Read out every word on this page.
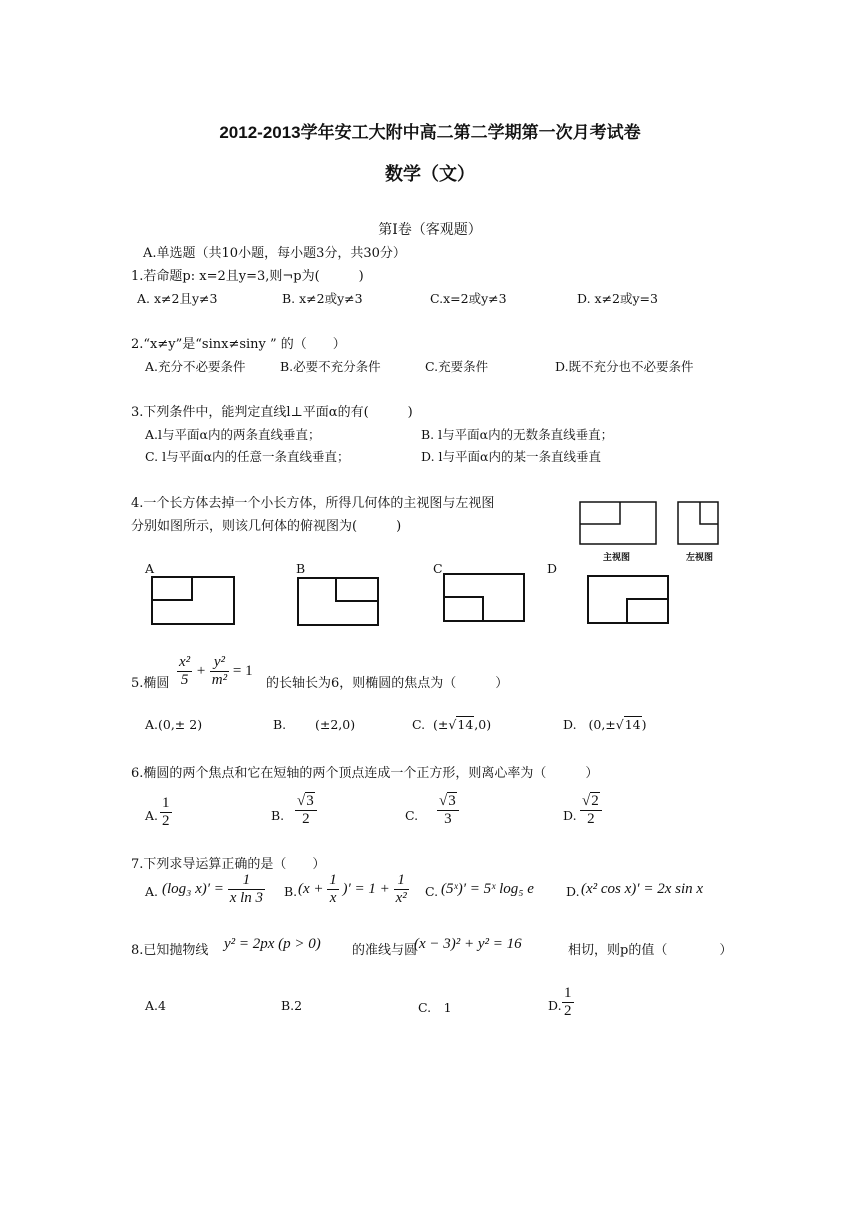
2012-2013学年安工大附中高二第二学期第一次月考试卷
数学（文）
第Ⅰ卷（客观题）
A.单选题（共10小题，每小题3分，共30分）
1.若命题p: x=2且y=3,则¬p为(　　　)
A. x≠2且y≠3	B. x≠2或y≠3	C.x=2或y≠3	D. x≠2或y=3
2.“x≠y”是“sinx≠siny ” 的（　　）
A.充分不必要条件	B.必要不充分条件	C.充要条件	D.既不充分也不必要条件
3.下列条件中，能判定直线l⊥平面α的有(　　　)
A.l与平面α内的两条直线垂直；	B. l与平面α内的无数条直线垂直；
C. l与平面α内的任意一条直线垂直；	D. l与平面α内的某一条直线垂直
4.一个长方体去掉一个小长方体，所得几何体的主视图与左视图
分别如图所示，则该几何体的俯视图为(　　　)
主视图	左视图
A	B	C	D
5.椭圆 $\frac{\text{x²}}{5} + \frac{\text{y²}}{\text{m²}} = 1$
的长轴长为6，则椭圆的焦点为（　　　）
A.(0,± 2)	B. (±2,0)	C. (±√14,0)	D. (0,±√14)
6.椭圆的两个焦点和它在短轴的两个顶点连成一个正方形，则离心率为（　　　）
A. $\frac{1}{2}$	B. $\frac{√3}{2}$	C. $\frac{√3}{3}$	D. $\frac{√2}{2}$
7.下列求导运算正确的是（　　）
A. (log₃ $x)' = \frac{1}{\text{x ln 3}} B$. ($x + \frac{1}{x}$ )′ = $1 + \frac{1}{\text{x²}} C$. (5ˣ)′ = 5ˣ log₅ e	D. (x² cos x)′ = 2x sin x
8.已知抛物线 y² = 2px (p > 0) 的准线与圆
(x − 3)² + y² = 16	相切，则p的值（　　　　）
A.4	B.2	C.　1	D. $\frac{1}{2}$
